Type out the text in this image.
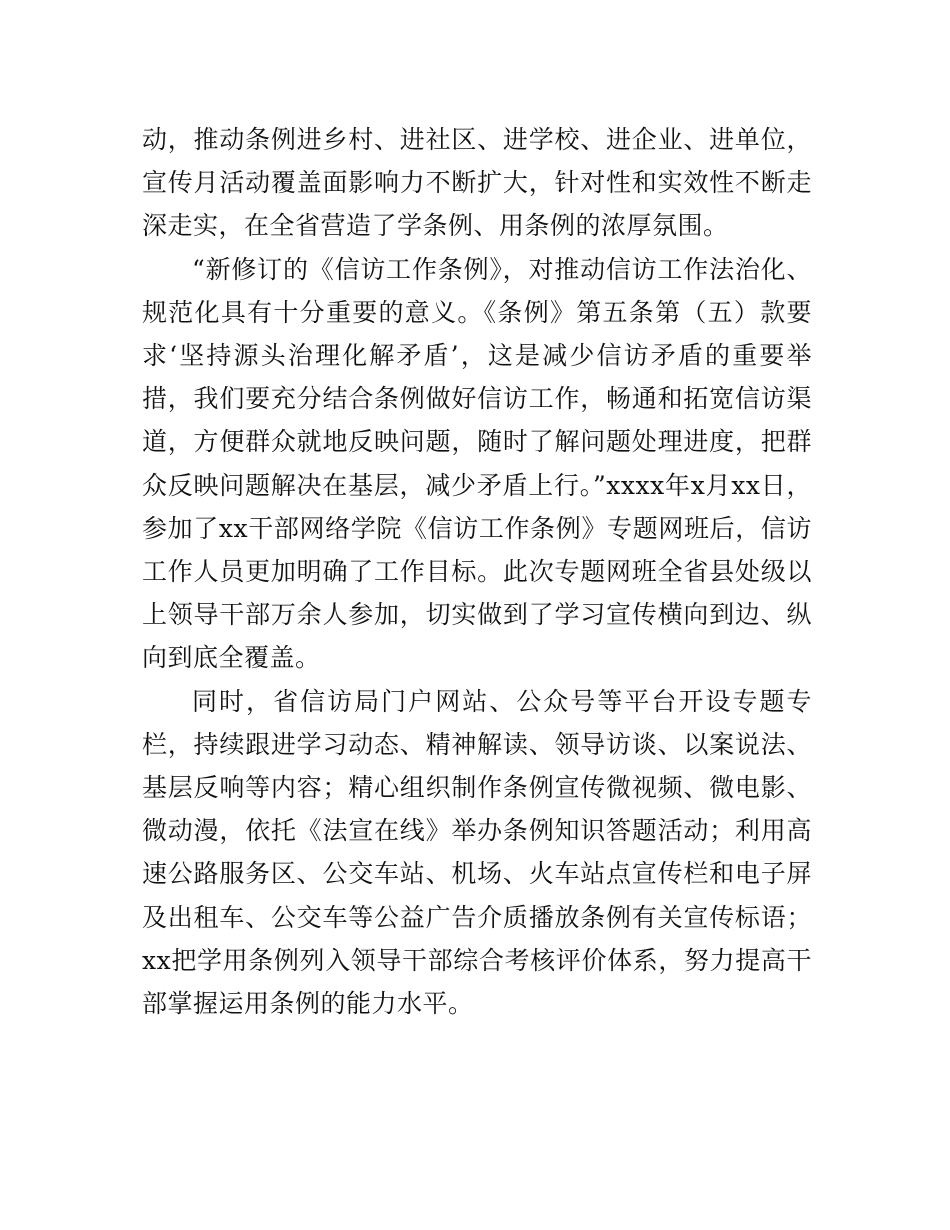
动，推动条例进乡村、进社区、进学校、进企业、进单位，宣传月活动覆盖面影响力不断扩大，针对性和实效性不断走深走实，在全省营造了学条例、用条例的浓厚氛围。

“新修订的《信访工作条例》，对推动信访工作法治化、规范化具有十分重要的意义。《条例》第五条第（五）款要求‘坚持源头治理化解矛盾’，这是减少信访矛盾的重要举措，我们要充分结合条例做好信访工作，畅通和拓宽信访渠道，方便群众就地反映问题，随时了解问题处理进度，把群众反映问题解决在基层，减少矛盾上行。”xxxx年x月xx日，参加了xx干部网络学院《信访工作条例》专题网班后，信访工作人员更加明确了工作目标。此次专题网班全省县处级以上领导干部万余人参加，切实做到了学习宣传横向到边、纵向到底全覆盖。

同时，省信访局门户网站、公众号等平台开设专题专栏，持续跟进学习动态、精神解读、领导访谈、以案说法、基层反响等内容；精心组织制作条例宣传微视频、微电影、微动漫，依托《法宣在线》举办条例知识答题活动；利用高速公路服务区、公交车站、机场、火车站点宣传栏和电子屏及出租车、公交车等公益广告介质播放条例有关宣传标语；xx把学用条例列入领导干部综合考核评价体系，努力提高干部掌握运用条例的能力水平。
